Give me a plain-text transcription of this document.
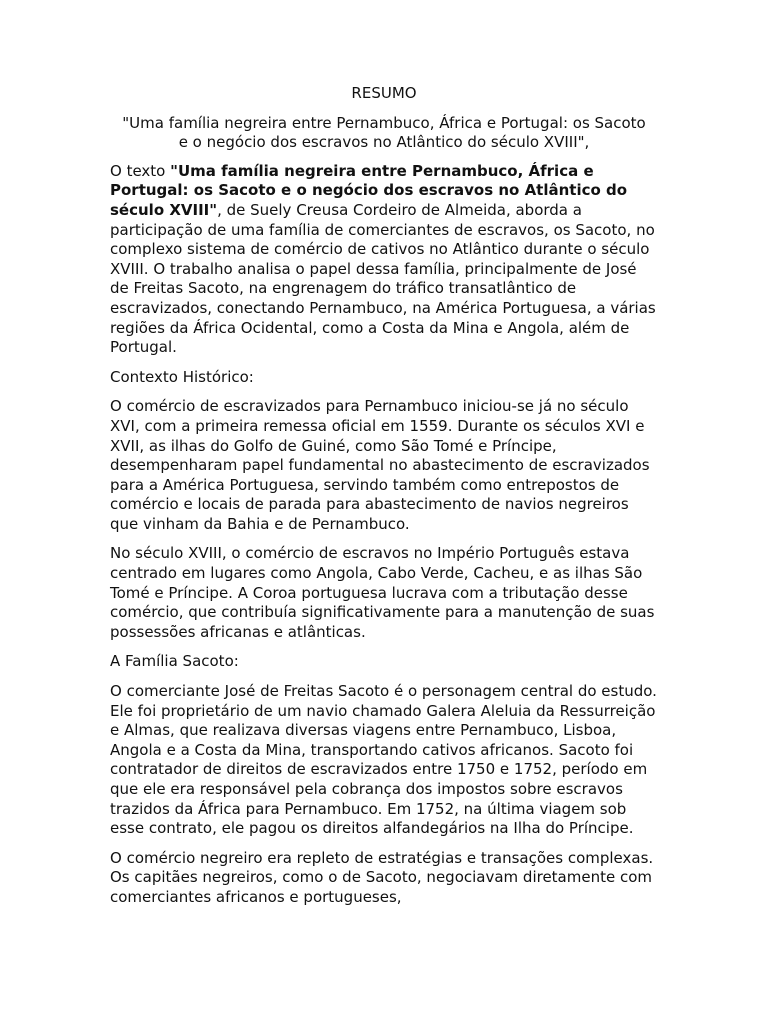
RESUMO

"Uma família negreira entre Pernambuco, África e Portugal: os Sacoto
e o negócio dos escravos no Atlântico do século XVIII",

O texto "Uma família negreira entre Pernambuco, África e Portugal: os Sacoto e o negócio dos escravos no Atlântico do século XVIII", de Suely Creusa Cordeiro de Almeida, aborda a participação de uma família de comerciantes de escravos, os Sacoto, no complexo sistema de comércio de cativos no Atlântico durante o século XVIII. O trabalho analisa o papel dessa família, principalmente de José de Freitas Sacoto, na engrenagem do tráfico transatlântico de escravizados, conectando Pernambuco, na América Portuguesa, a várias regiões da África Ocidental, como a Costa da Mina e Angola, além de Portugal.

Contexto Histórico:

O comércio de escravizados para Pernambuco iniciou-se já no século XVI, com a primeira remessa oficial em 1559. Durante os séculos XVI e XVII, as ilhas do Golfo de Guiné, como São Tomé e Príncipe, desempenharam papel fundamental no abastecimento de escravizados para a América Portuguesa, servindo também como entrepostos de comércio e locais de parada para abastecimento de navios negreiros que vinham da Bahia e de Pernambuco.

No século XVIII, o comércio de escravos no Império Português estava centrado em lugares como Angola, Cabo Verde, Cacheu, e as ilhas São Tomé e Príncipe. A Coroa portuguesa lucrava com a tributação desse comércio, que contribuía significativamente para a manutenção de suas possessões africanas e atlânticas.

A Família Sacoto:

O comerciante José de Freitas Sacoto é o personagem central do estudo. Ele foi proprietário de um navio chamado Galera Aleluia da Ressurreição e Almas, que realizava diversas viagens entre Pernambuco, Lisboa, Angola e a Costa da Mina, transportando cativos africanos. Sacoto foi contratador de direitos de escravizados entre 1750 e 1752, período em que ele era responsável pela cobrança dos impostos sobre escravos trazidos da África para Pernambuco. Em 1752, na última viagem sob esse contrato, ele pagou os direitos alfandegários na Ilha do Príncipe.

O comércio negreiro era repleto de estratégias e transações complexas. Os capitães negreiros, como o de Sacoto, negociavam diretamente com comerciantes africanos e portugueses,
